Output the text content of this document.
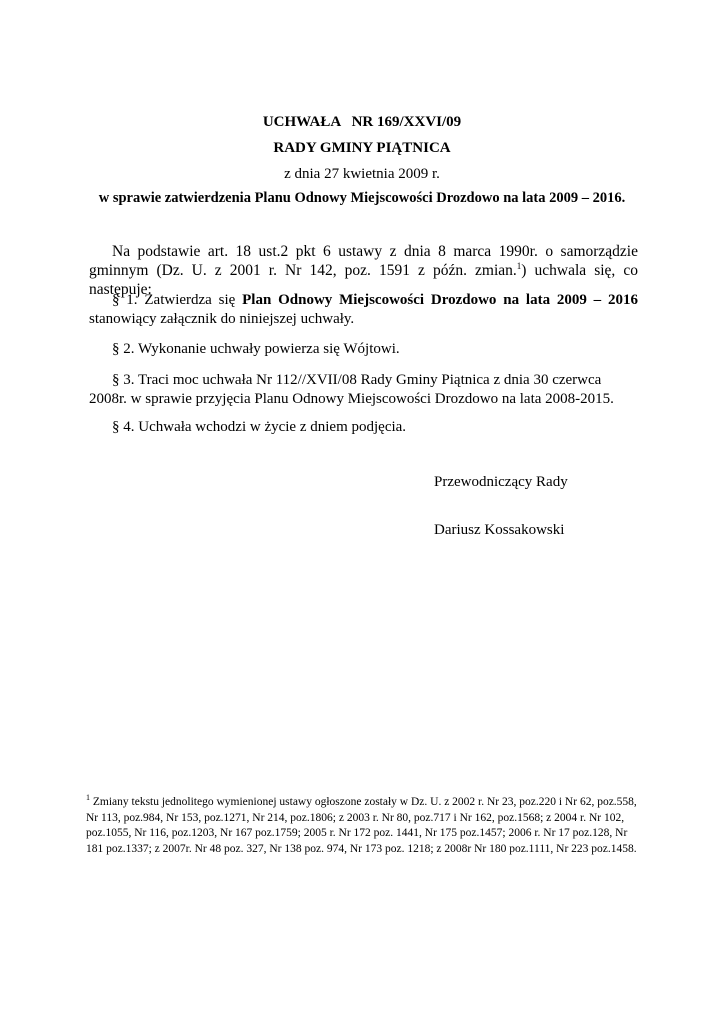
UCHWAŁA   NR 169/XXVI/09
RADY GMINY PIĄTNICA
z dnia 27 kwietnia 2009 r.
w sprawie zatwierdzenia Planu Odnowy Miejscowości Drozdowo na lata 2009 – 2016.
Na podstawie art. 18 ust.2 pkt 6 ustawy z dnia 8 marca 1990r. o samorządzie gminnym (Dz. U. z 2001 r. Nr 142, poz. 1591 z późn. zmian.$^1$) uchwala się, co następuje:
§ 1. Zatwierdza się Plan Odnowy Miejscowości Drozdowo na lata 2009 – 2016
stanowiący załącznik do niniejszej uchwały.
§ 2. Wykonanie uchwały powierza się Wójtowi.
§ 3. Traci moc uchwała Nr 112//XVII/08 Rady Gminy Piątnica z dnia 30 czerwca 2008r. w sprawie przyjęcia Planu Odnowy Miejscowości Drozdowo na lata 2008-2015.
§ 4. Uchwała wchodzi w życie z dniem podjęcia.
Przewodniczący Rady
Dariusz Kossakowski
$^1$ Zmiany tekstu jednolitego wymienionej ustawy ogłoszone zostały w Dz. U. z 2002 r. Nr 23, poz.220 i Nr 62, poz.558, Nr 113, poz.984, Nr 153, poz.1271, Nr 214, poz.1806; z 2003 r. Nr 80, poz.717 i Nr 162, poz.1568; z 2004 r. Nr 102, poz.1055, Nr 116, poz.1203, Nr 167 poz.1759; 2005 r. Nr 172 poz. 1441, Nr 175 poz.1457; 2006 r. Nr 17 poz.128, Nr 181 poz.1337; z 2007r. Nr 48 poz. 327, Nr 138 poz. 974, Nr 173 poz. 1218; z 2008r Nr 180 poz.1111, Nr 223 poz.1458.
